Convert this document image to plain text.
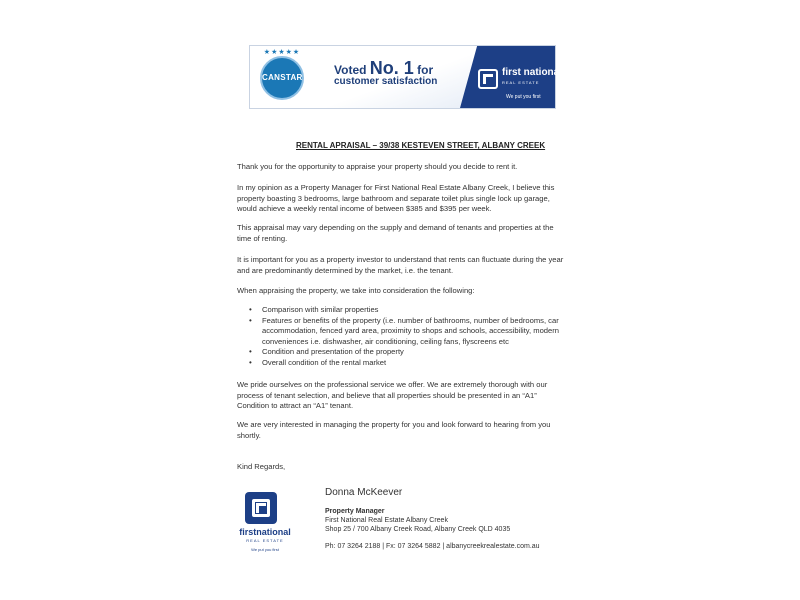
★★★★★
CANSTAR
Voted No. 1 for
customer satisfaction
first national
REAL ESTATE
We put you first
RENTAL APRAISAL – 39/38 KESTEVEN STREET, ALBANY CREEK

Thank you for the opportunity to appraise your property should you decide to rent it.

In my opinion as a Property Manager for First National Real Estate Albany Creek, I believe this property boasting 3 bedrooms, large bathroom and separate toilet plus single lock up garage, would achieve a weekly rental income of between $385 and $395 per week.

This appraisal may vary depending on the supply and demand of tenants and properties at the time of renting.

It is important for you as a property investor to understand that rents can fluctuate during the year and are predominantly determined by the market, i.e. the tenant.

When appraising the property, we take into consideration the following:

• Comparison with similar properties
• Features or benefits of the property (i.e. number of bathrooms, number of bedrooms, car accommodation, fenced yard area, proximity to shops and schools, accessibility, modern conveniences i.e. dishwasher, air conditioning, ceiling fans, flyscreens etc
• Condition and presentation of the property
• Overall condition of the rental market

We pride ourselves on the professional service we offer. We are extremely thorough with our process of tenant selection, and believe that all properties should be presented in an “A1” Condition to attract an “A1” tenant.

We are very interested in managing the property for you and look forward to hearing from you shortly.

Kind Regards,

firstnational
REAL ESTATE
We put you first
Donna McKeever
Property Manager
First National Real Estate Albany Creek
Shop 25 / 700 Albany Creek Road, Albany Creek QLD 4035
Ph: 07 3264 2188 | Fx: 07 3264 5882 | albanycreekrealestate.com.au
